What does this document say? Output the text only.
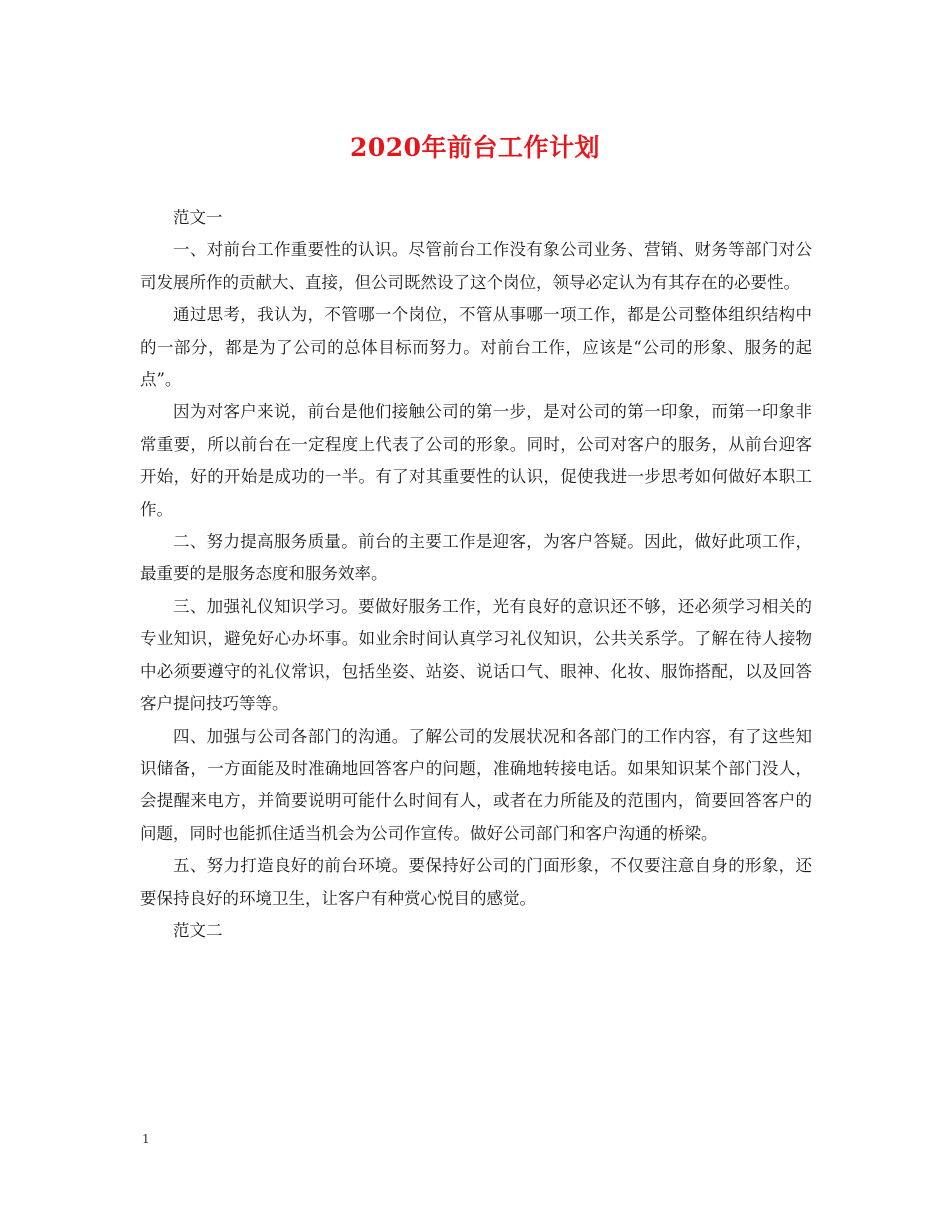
2020年前台工作计划

范文一

一、对前台工作重要性的认识。尽管前台工作没有象公司业务、营销、财务等部门对公司发展所作的贡献大、直接，但公司既然设了这个岗位，领导必定认为有其存在的必要性。

通过思考，我认为，不管哪一个岗位，不管从事哪一项工作，都是公司整体组织结构中的一部分，都是为了公司的总体目标而努力。对前台工作，应该是“公司的形象、服务的起点”。

因为对客户来说，前台是他们接触公司的第一步，是对公司的第一印象，而第一印象非常重要，所以前台在一定程度上代表了公司的形象。同时，公司对客户的服务，从前台迎客开始，好的开始是成功的一半。有了对其重要性的认识，促使我进一步思考如何做好本职工作。

二、努力提高服务质量。前台的主要工作是迎客，为客户答疑。因此，做好此项工作，最重要的是服务态度和服务效率。

三、加强礼仪知识学习。要做好服务工作，光有良好的意识还不够，还必须学习相关的专业知识，避免好心办坏事。如业余时间认真学习礼仪知识，公共关系学。了解在待人接物中必须要遵守的礼仪常识，包括坐姿、站姿、说话口气、眼神、化妆、服饰搭配，以及回答客户提问技巧等等。

四、加强与公司各部门的沟通。了解公司的发展状况和各部门的工作内容，有了这些知识储备，一方面能及时准确地回答客户的问题，准确地转接电话。如果知识某个部门没人，会提醒来电方，并简要说明可能什么时间有人，或者在力所能及的范围内，简要回答客户的问题，同时也能抓住适当机会为公司作宣传。做好公司部门和客户沟通的桥梁。

五、努力打造良好的前台环境。要保持好公司的门面形象，不仅要注意自身的形象，还要保持良好的环境卫生，让客户有种赏心悦目的感觉。

范文二

1
